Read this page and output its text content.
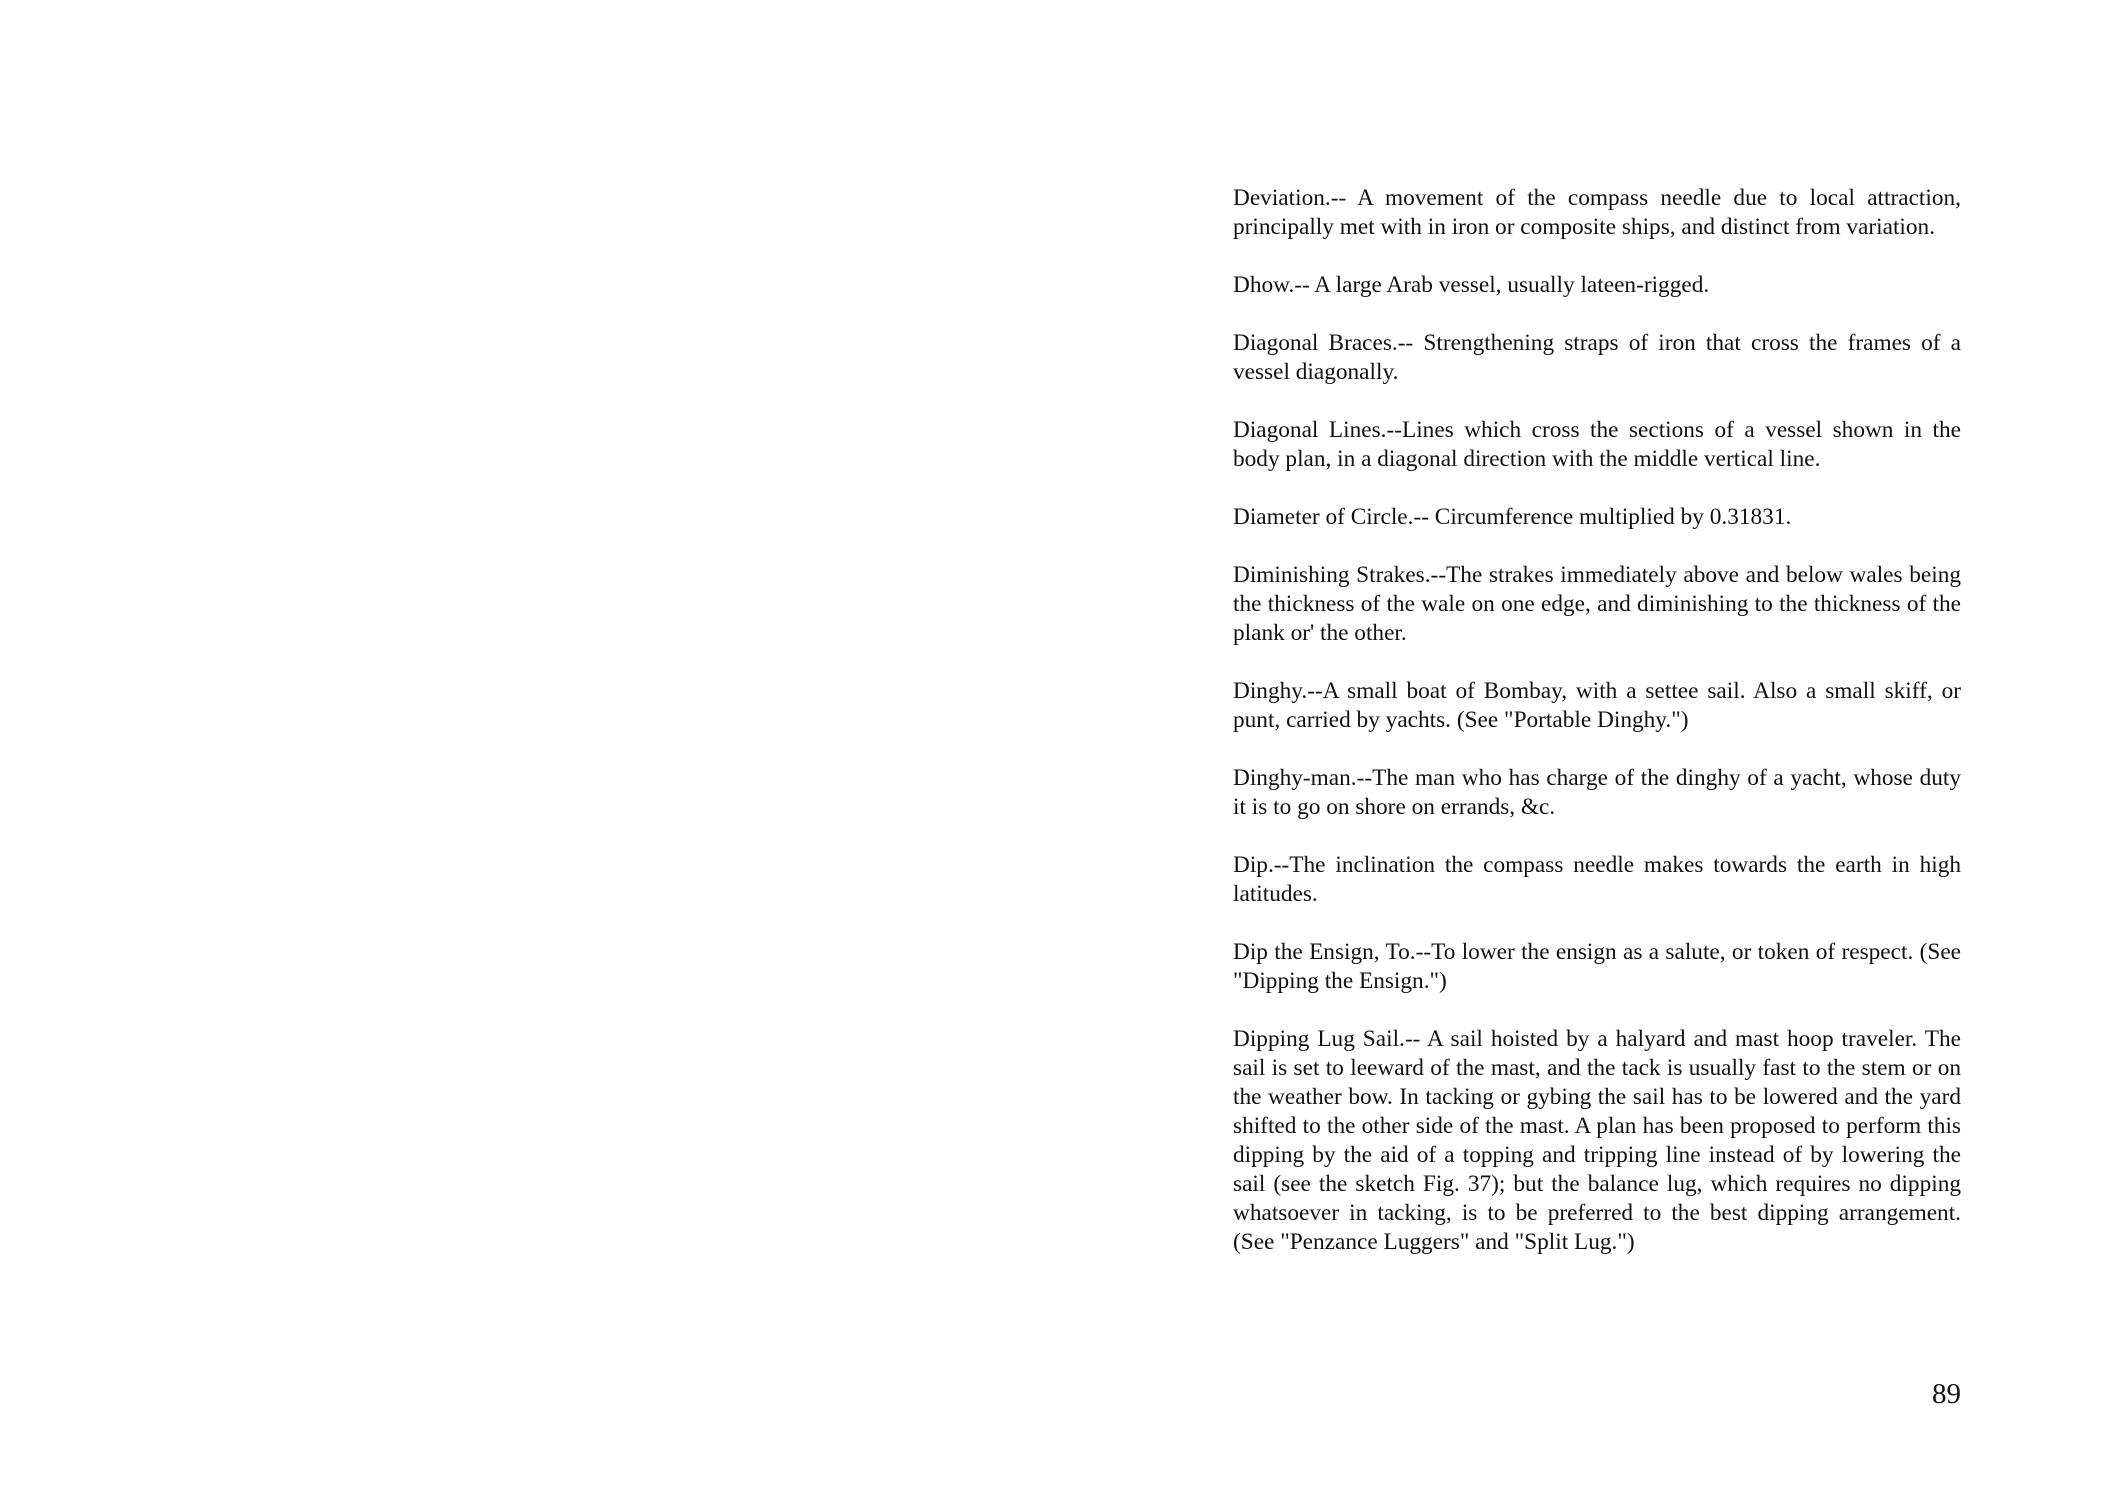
Deviation.-- A movement of the compass needle due to local attraction, principally met with in iron or composite ships, and distinct from variation.

Dhow.-- A large Arab vessel, usually lateen-rigged.

Diagonal Braces.-- Strengthening straps of iron that cross the frames of a vessel diagonally.

Diagonal Lines.--Lines which cross the sections of a vessel shown in the body plan, in a diagonal direction with the middle vertical line.

Diameter of Circle.-- Circumference multiplied by 0.31831.

Diminishing Strakes.--The strakes immediately above and below wales being the thickness of the wale on one edge, and diminishing to the thickness of the plank or' the other.

Dinghy.--A small boat of Bombay, with a settee sail. Also a small skiff, or punt, carried by yachts. (See "Portable Dinghy.")

Dinghy-man.--The man who has charge of the dinghy of a yacht, whose duty it is to go on shore on errands, &c.

Dip.--The inclination the compass needle makes towards the earth in high latitudes.

Dip the Ensign, To.--To lower the ensign as a salute, or token of respect. (See "Dipping the Ensign.")

Dipping Lug Sail.-- A sail hoisted by a halyard and mast hoop traveler. The sail is set to leeward of the mast, and the tack is usually fast to the stem or on the weather bow. In tacking or gybing the sail has to be lowered and the yard shifted to the other side of the mast. A plan has been proposed to perform this dipping by the aid of a topping and tripping line instead of by lowering the sail (see the sketch Fig. 37); but the balance lug, which requires no dipping whatsoever in tacking, is to be preferred to the best dipping arrangement. (See "Penzance Luggers" and "Split Lug.")

89
